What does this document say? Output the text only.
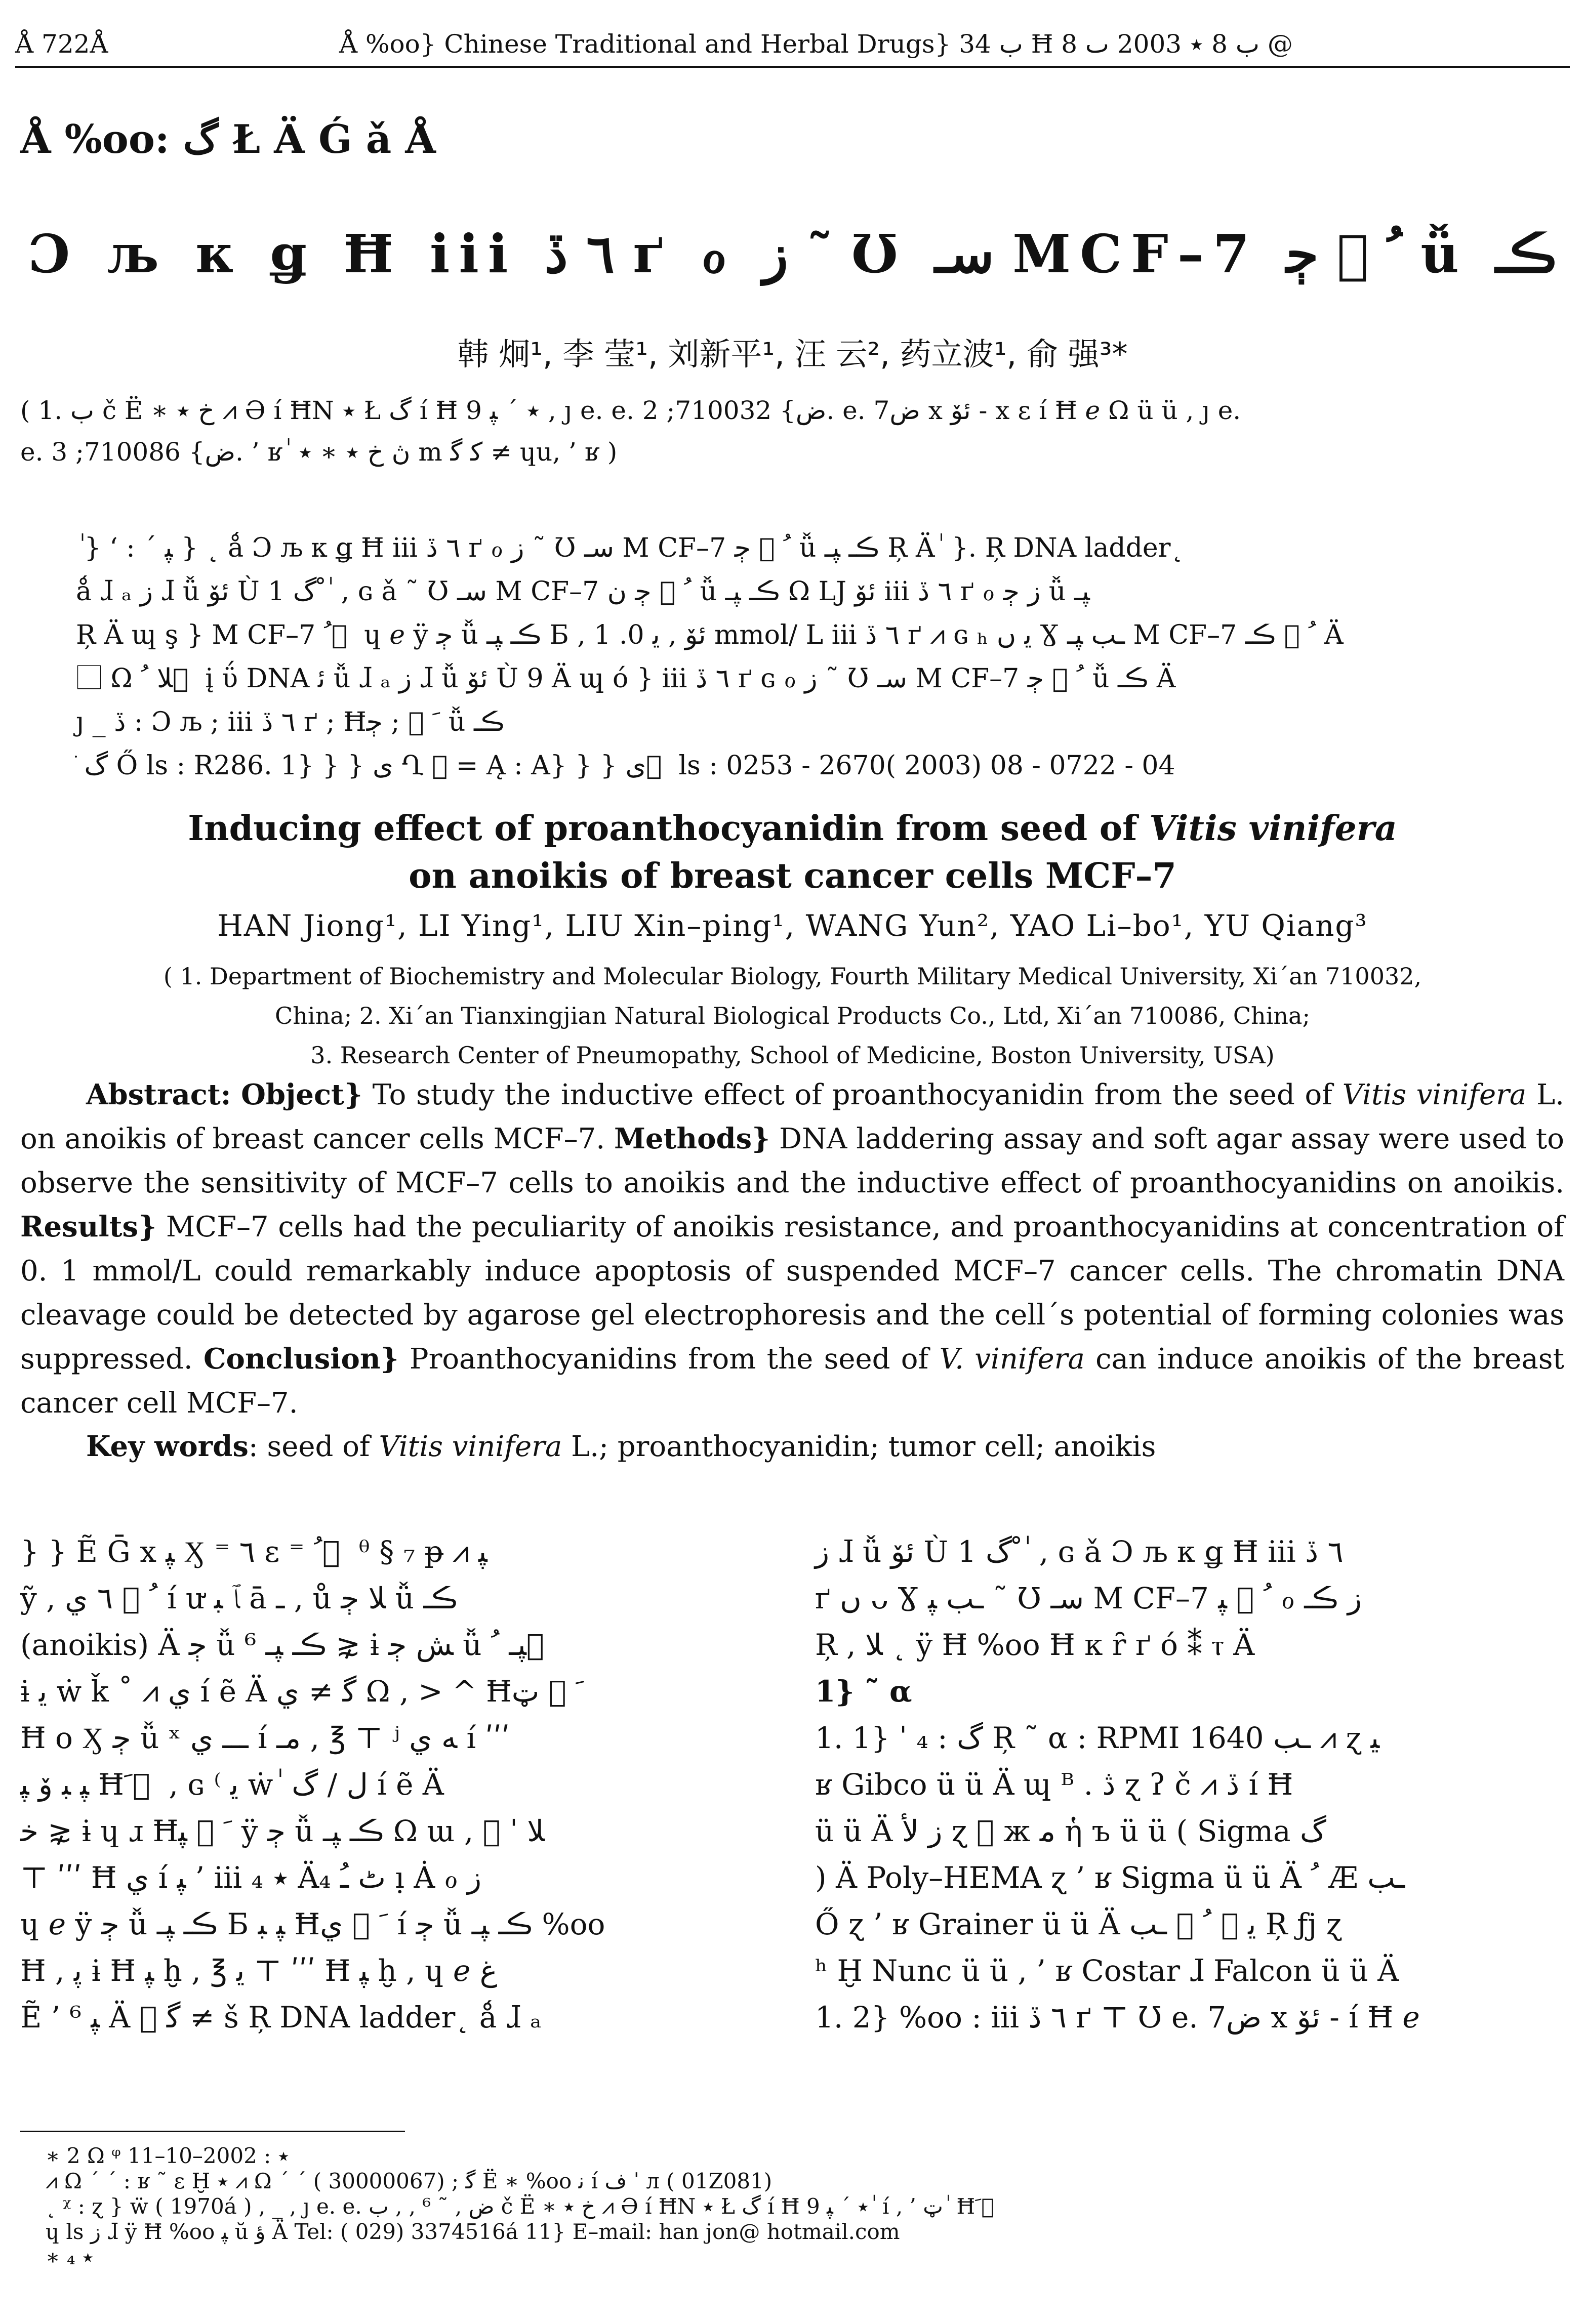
Å 722Å	Å %oo} Chinese Traditional and Herbal Drugs} ب 34 Ħ ب 8 ٭ 2003 ٮ 8 @
Å %oo: گ Ł Ä Ǵ ǎ Å
Ɔ љ к ǥ Ħ iii ٦ ڏ ґ ℴ ز ˜ Ʊ سـ MCF–7 ﹸ ⃞ ﭴ ǚ ڪـ
韩 炯¹, 李 莹¹, 刘新平¹, 汪 云², 药立波¹, 俞 强³*
( 1. ب č Ë ∗ خ ٭ ⩘ Ә í ĦN ٭ Ł گ í Ħ ٭ ´ ﭙ 9 , ȷ e. e. ض} 710032; 2. e. ض7 x ئۆ - x ɛ í Ħ ℯ Ω ü ü , ȷ e.
e. ض} 710086; 3. ’ ʁ ٰ ڽ خ ٭ ∗ ٭ m ﮐ ﮔ ≠ ɥu, ’ ʁ )
ٰ } ‘ : ˊ ﭙ } ˛ ǻ Ɔ љ к ǥ Ħ iii ٦ ڏ ґ ℴ ز ˜ Ʊ سـ M CF–7 ﹸ ⃞ ﭴ ǚ ڪـ ﭙـ Ŗ Ä ٰ }. Ŗ DNA ladder˛
ǻ ɺ ₐ ز ɺ ǚ ئۆ Ù 1 گ ْ ٰ , ɢ ǎ ˜ Ʊ سـ M CF–7 ﹸ ⃞ ﭴ ن ǚ ڪـ ﭙـ Ω LJ ئۆ iii ٦ ڏ ґ ℴ ز ﭴ ǚ ﭙـ
Ŗ Ä ɰ ş } M CF–7 ﹸ ⃞ ɥ ℯ ÿ ﭴ ǚ ڪـ ﭙـ Б , ئۆ , ﯾ 0. 1 mmol/ L iii ٦ ڏ ґ ⩘ ɢ ₕ ﯾ ں Ɣ ـب ﭙـ M CF–7 ﹸ ⃞ ڪـ Ä
⃞ Ω ﻼ ﹸ ⃞ į ΰ DNA ﺋ ǚ ɺ ₐ ز ɺ ǚ ئۆ Ù 9 Ä ɰ ó } iii ٦ ڏ ґ ɢ ℴ ز ˜ Ʊ سـ M CF–7 ﹸ ⃞ ﭴ ǚ ڪـ Ä
ȷ _ ڏ : Ɔ љ ; iii ٦ ڏ ґ ; Ħﹶ ⃞ ; ﭴ ǚ ڪـ
ׂ گ Ő ls : R286. 1} } } ى Ղ ⃞ = Ą : A} } } ى ⃞ ls : 0253 - 2670( 2003) 08 - 0722 - 04
Inducing effect of proanthocyanidin from seed of Vitis vinifera
on anoikis of breast cancer cells MCF–7
HAN Jiong¹, LI Ying¹, LIU Xin–ping¹, WANG Yun², YAO Li–bo¹, YU Qiang³
( 1. Department of Biochemistry and Molecular Biology, Fourth Military Medical University, Xi´an 710032,
China; 2. Xi´an Tianxingjian Natural Biological Products Co., Ltd, Xi´an 710086, China;
3. Research Center of Pneumopathy, School of Medicine, Boston University, USA)
Abstract: Object} To study the inductive effect of proanthocyanidin from the seed of Vitis vinifera L. on anoikis of breast cancer cells MCF–7. Methods} DNA laddering assay and soft agar assay were used to observe the sensitivity of MCF–7 cells to anoikis and the inductive effect of proanthocyanidins on anoikis. Results} MCF–7 cells had the peculiarity of anoikis resistance, and proanthocyanidins at concentration of 0. 1 mmol/L could remarkably induce apoptosis of suspended MCF–7 cancer cells. The chromatin DNA cleavage could be detected by agarose gel electrophoresis and the cell´s potential of forming colonies was suppressed. Conclusion} Proanthocyanidins from the seed of V. vinifera can induce anoikis of the breast cancer cell MCF–7.
Key words: seed of Vitis vinifera L.; proanthocyanidin; tumor cell; anoikis
} } Ẽ Ḡ x ﭙ Ӽ ⁼ ٦ ɛ ⁼ ﹸ ⃞ ᶿ § ₇ ᵽ ⩘ ﭙ
ỹ , ﹸ ⃞ ٦ ﻱ í ư ﭑ ﺒ ā ـ , ů ﻼ ﭴ ǚ ڪـ
(anoikis) Ä ﭴ ǚ ڪـ ﭙـ ⁶ ⋧ ɨ ﺶ ﭴ ǚ ﭙـ ﹸ ⃞
ɨ ﯾ ẇ ǩ ˚ ⩘ ﻱ í ẽ Ä ﮔ ≠ ﻱ Ω , > ^ Ħﹶ ⃞ ټ
Ħ o Ӽ ﭴ ǚ ˣ ـــ ﻱ í ﻣـ , ℥ ⊤ ʲ ﻪ ﻱ í ʹʹʹ
ﭙ ﺒ ﯙ ﭙ Ħﹶ ⃞ , ɢ ⁽ ﯾ ẇ ٰ ﻝ ∕ گ í ẽ Ä
ﺧ ⋧ ɨ ɥ ɹ Ħﹶ ⃞ ﭙ ÿ ﭴ ǚ ڪـ ﭙـ Ω ɯ , ⃞ ˈ ﻼ
⊤ ʹʹʹ Ħ ﻱ í ﭙ ’ iii ₄ ٭ Ä₄ ٹ ﹹ ı̣ Ȧ ℴ ز
ɥ ℯ ÿ ﭴ ǚ ڪـ ﭙـ Б ﭙ ﺒ Ħﹶ ⃞ ﻱ í ﭴ ǚ ڪـ ﭙـ %oo
Ħ , ﭘ ɨ Ħ ﭙ ḫ , ℥ ﯾ ⊤ ʹʹʹ Ħ ﭙ ḫ , ɥ ℯ ﻍ
Ẽ ’ ﭙ ⁶ Ä ⃞ ﮔ ≠ š Ŗ DNA ladder˛ ǻ ɺ ₐ
ز ɺ ǚ ئۆ Ù 1 گ ْ ٰ , ɢ ǎ Ɔ љ к ǥ Ħ iii ٦ ڏ
ґ ں ᴗ Ɣ ـب ﭙ ˜ Ʊ سـ M CF–7 ﹸ ⃞ ﭙ ℴ ز ڪـ
Ŗ , ﻼ ˛ ÿ Ħ %oo Ħ к ȓ ґ ó ⁑ ⲧ Ä
1} ˜ α
1. 1} ˈ ₄ : گ Ŗ ˜ α : RPMI 1640 ـب ⩘ ɀ ﯿ
ʁ Gibco ü ü Ä ɰ ᴮ . ڎ ɀ ʔ č ⩘ ڏ í Ħ
ü ü Ä ز ﻷ ɀ ⃞ ж ﻣ ἡ ъ ü ü ( Sigma گ
) Ä Poly–HEMA ɀ ’ ʁ Sigma ü ü Ä ﹸ Æ ـب
Ő ɀ ’ ʁ Grainer ü ü Ä ﯾ ⫼ ﹸ ⃞ ـب Ŗ ƒj ɀ
ʰ Ḫ Nunc ü ü , ’ ʁ Costar ɺ Falcon ü ü Ä
1. 2} %oo : iii ٦ ڏ ґ ⊤ Ʊ e. ض7 x ئۆ - í Ħ ℯ
∗ 2 Ω ᵠ ٭ : 2002–10–11
⩘ Ω ˊ ˊ : ʁ ˜ ɛ Ḫ ٭ ⩘ Ω ˊ ˊ ( 30000067) ; ﮔ Ë ∗ %oo ﻧ í ﻑ ˈ л ( 01Z081)
˛ ᵡ : ɀ } ẅ ( 1970á ) , _ , ȷ e. e. ض , ˜ ⁶ , , ب č Ë ∗ خ ٭ ⩘ Ә í ĦN ٭ Ł گ í Ħ ٭ ´ ﭙ 9 ٰ í , ’ ټ ٰ Ħﹶ ⃞
ɥ ls ز ɺ ÿ Ħ %oo ﭙ ŭ ؤ Ä Tel: ( 029) 3374516á 11} E–mail: han jon@ hotmail.com
∗ ₄ ٭
